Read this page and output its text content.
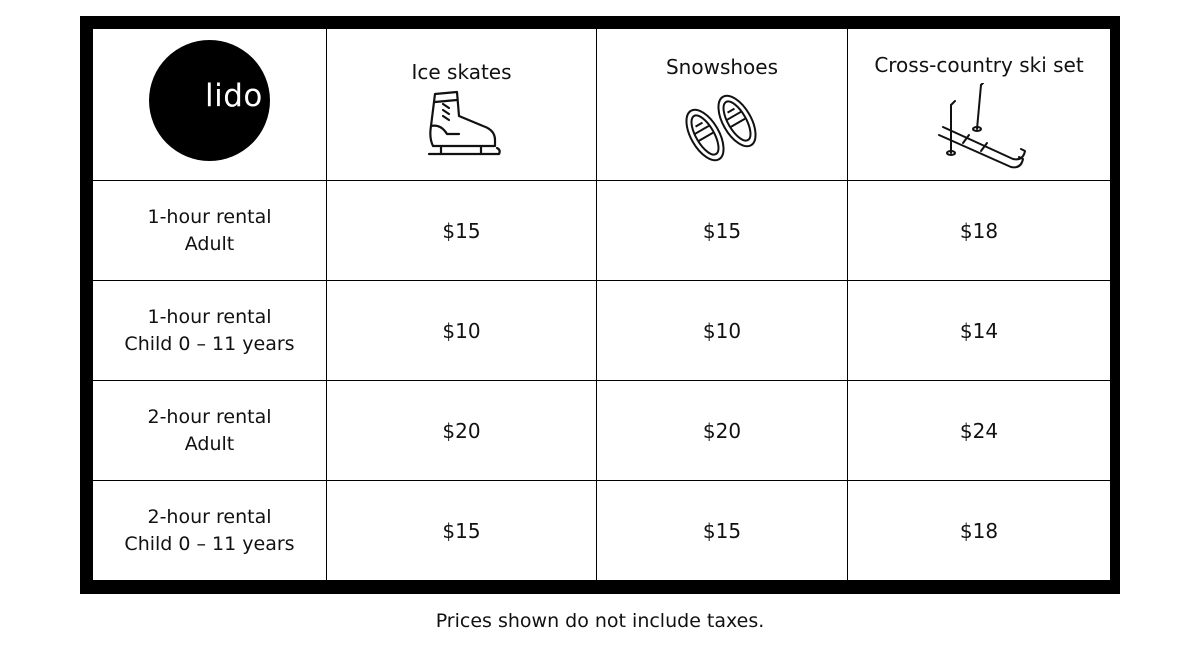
lido	Ice skates	Snowshoes	Cross-country ski set

1-hour rental
Adult	$15	$15	$18

1-hour rental
Child 0 – 11 years	$10	$10	$14

2-hour rental
Adult	$20	$20	$24

2-hour rental
Child 0 – 11 years	$15	$15	$18
Prices shown do not include taxes.
